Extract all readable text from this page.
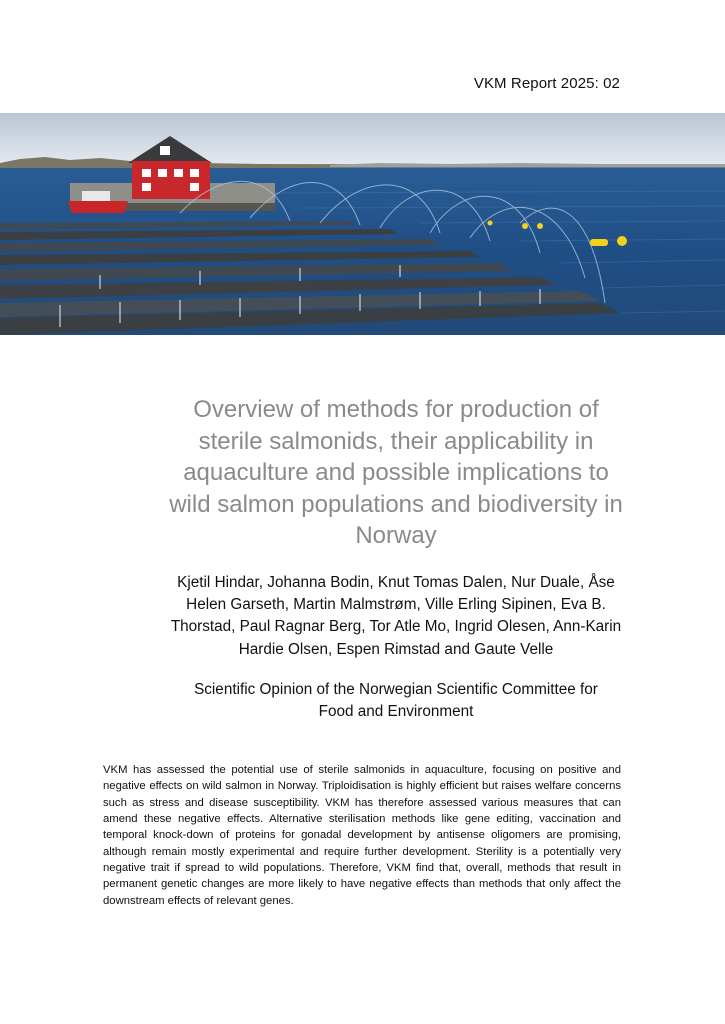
VKM Report 2025: 02
Overview of methods for production of sterile salmonids, their applicability in aquaculture and possible implications to wild salmon populations and biodiversity in Norway

Kjetil Hindar, Johanna Bodin, Knut Tomas Dalen, Nur Duale, Åse Helen Garseth, Martin Malmstrøm, Ville Erling Sipinen, Eva B. Thorstad, Paul Ragnar Berg, Tor Atle Mo, Ingrid Olesen, Ann-Karin Hardie Olsen, Espen Rimstad and Gaute Velle

Scientific Opinion of the Norwegian Scientific Committee for Food and Environment

VKM has assessed the potential use of sterile salmonids in aquaculture, focusing on positive and negative effects on wild salmon in Norway. Triploidisation is highly efficient but raises welfare concerns such as stress and disease susceptibility. VKM has therefore assessed various measures that can amend these negative effects. Alternative sterilisation methods like gene editing, vaccination and temporal knock-down of proteins for gonadal development by antisense oligomers are promising, although remain mostly experimental and require further development. Sterility is a potentially very negative trait if spread to wild populations. Therefore, VKM find that, overall, methods that result in permanent genetic changes are more likely to have negative effects than methods that only affect the downstream effects of relevant genes.
